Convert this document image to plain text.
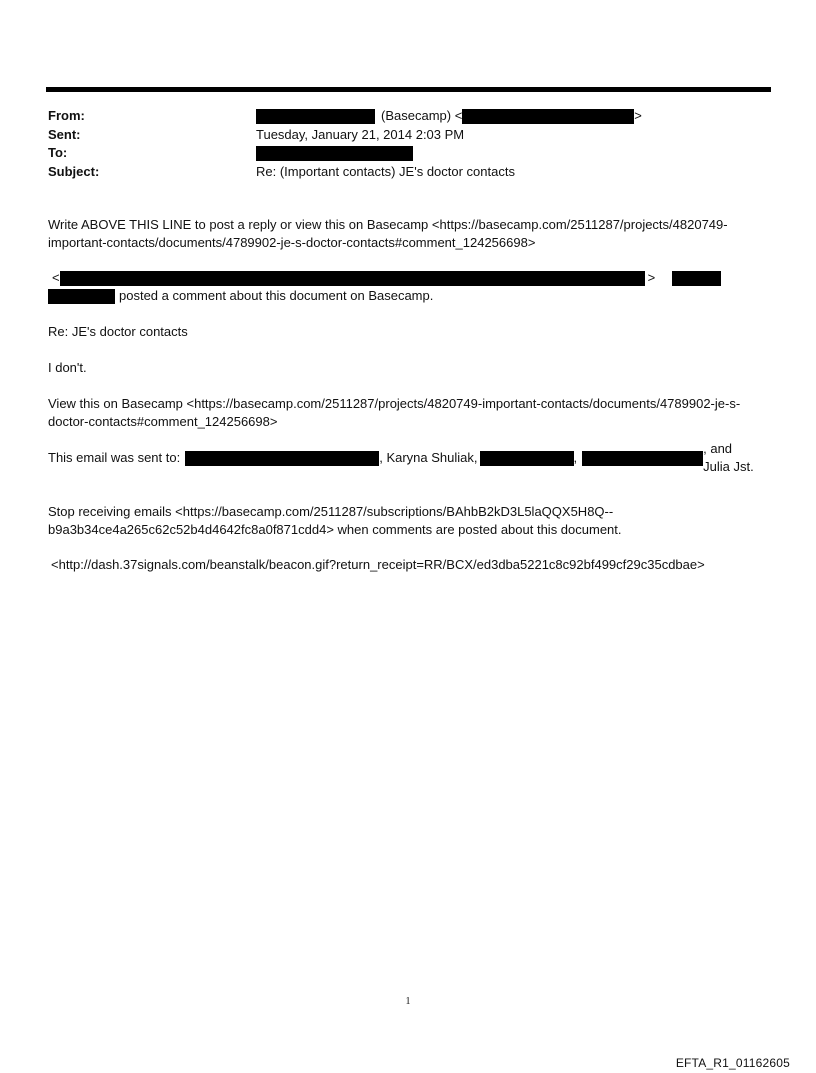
From:	(Basecamp) <	>
Sent:	Tuesday, January 21, 2014 2:03 PM
To:
Subject:	Re: (Important contacts) JE's doctor contacts

Write ABOVE THIS LINE to post a reply or view this on Basecamp <https://basecamp.com/2511287/projects/4820749-important-contacts/documents/4789902-je-s-doctor-contacts#comment_124256698>

<	>
posted a comment about this document on Basecamp.

Re: JE's doctor contacts

I don't.

View this on Basecamp <https://basecamp.com/2511287/projects/4820749-important-contacts/documents/4789902-je-s-doctor-contacts#comment_124256698>

This email was sent to:	, Karyna Shuliak,	,
, and Julia Jst.

Stop receiving emails <https://basecamp.com/2511287/subscriptions/BAhbB2kD3L5laQQX5H8Q--b9a3b34ce4a265c62c52b4d4642fc8a0f871cdd4> when comments are posted about this document.

<http://dash.37signals.com/beanstalk/beacon.gif?return_receipt=RR/BCX/ed3dba5221c8c92bf499cf29c35cdbae>

1
EFTA_R1_01162605
